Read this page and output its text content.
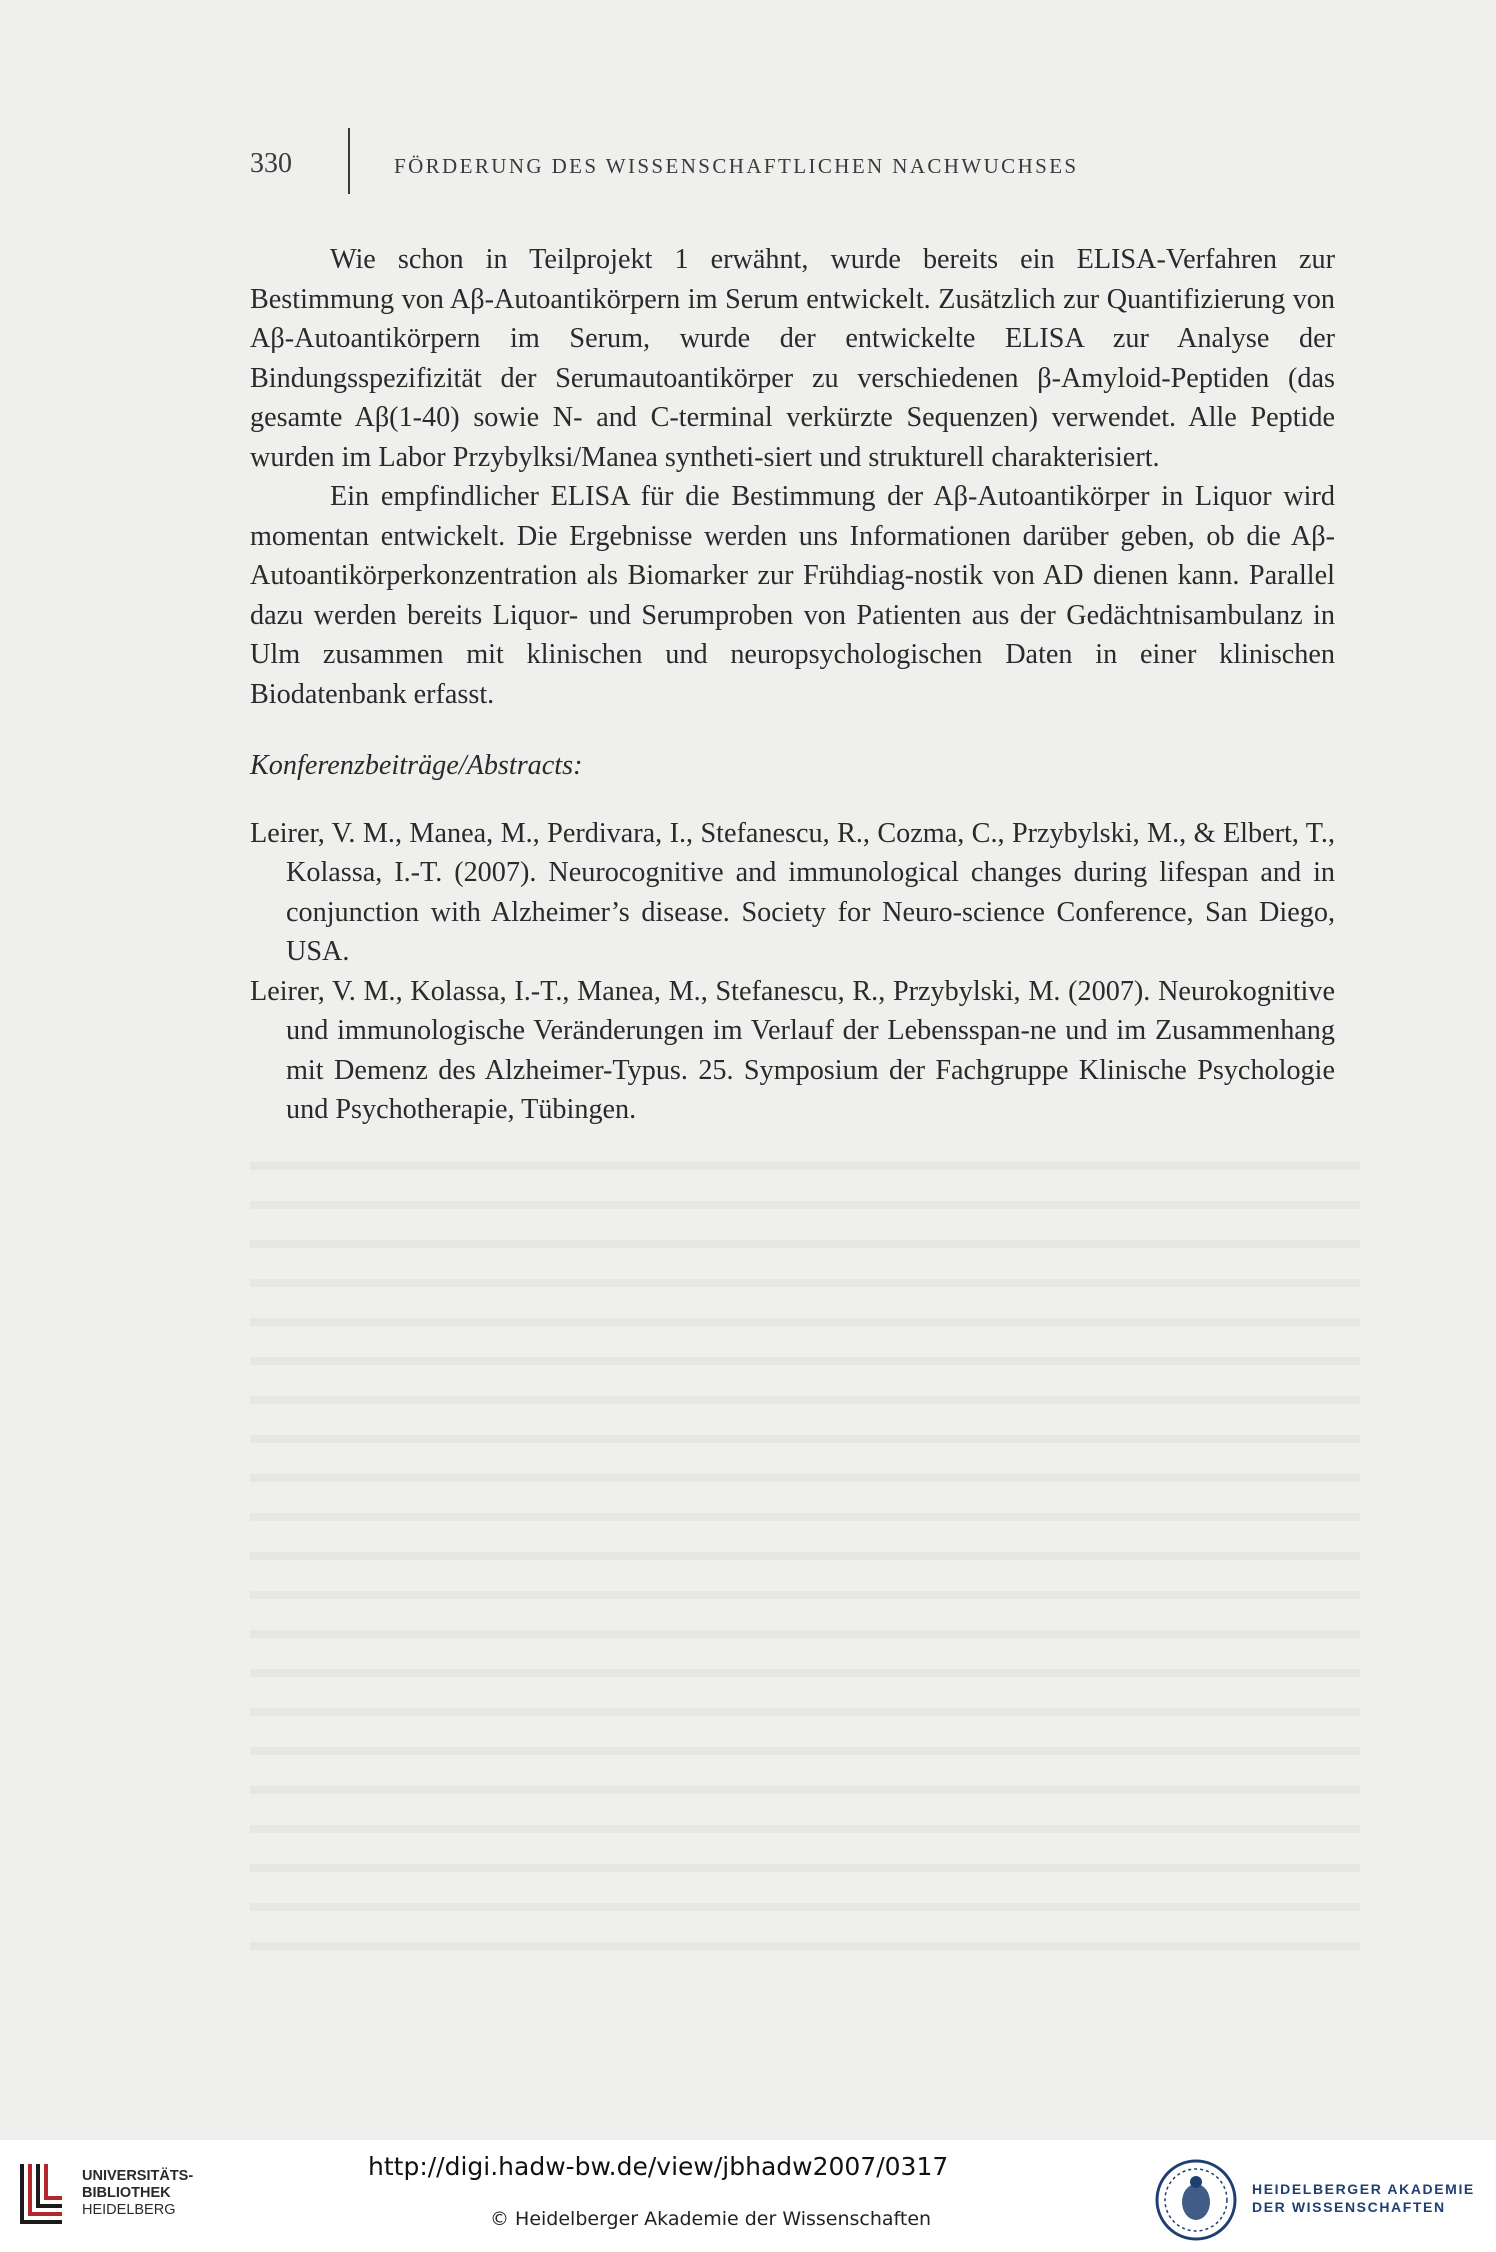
330	FÖRDERUNG DES WISSENSCHAFTLICHEN NACHWUCHSES

Wie schon in Teilprojekt 1 erwähnt, wurde bereits ein ELISA-Verfahren zur Bestimmung von Aβ-Autoantikörpern im Serum entwickelt. Zusätzlich zur Quantifizierung von Aβ-Autoantikörpern im Serum, wurde der entwickelte ELISA zur Analyse der Bindungsspezifizität der Serumautoantikörper zu verschiedenen β-Amyloid-Peptiden (das gesamte Aβ(1-40) sowie N- and C-terminal verkürzte Sequenzen) verwendet. Alle Peptide wurden im Labor Przybylksi/Manea syntheti-siert und strukturell charakterisiert.

Ein empfindlicher ELISA für die Bestimmung der Aβ-Autoantikörper in Liquor wird momentan entwickelt. Die Ergebnisse werden uns Informationen darüber geben, ob die Aβ-Autoantikörperkonzentration als Biomarker zur Frühdiag-nostik von AD dienen kann. Parallel dazu werden bereits Liquor- und Serumproben von Patienten aus der Gedächtnisambulanz in Ulm zusammen mit klinischen und neuropsychologischen Daten in einer klinischen Biodatenbank erfasst.

Konferenzbeiträge/Abstracts:

Leirer, V. M., Manea, M., Perdivara, I., Stefanescu, R., Cozma, C., Przybylski, M., & Elbert, T., Kolassa, I.-T. (2007). Neurocognitive and immunological changes during lifespan and in conjunction with Alzheimer’s disease. Society for Neuro-science Conference, San Diego, USA.

Leirer, V. M., Kolassa, I.-T., Manea, M., Stefanescu, R., Przybylski, M. (2007). Neurokognitive und immunologische Veränderungen im Verlauf der Lebensspan-ne und im Zusammenhang mit Demenz des Alzheimer-Typus. 25. Symposium der Fachgruppe Klinische Psychologie und Psychotherapie, Tübingen.

UNIVERSITÄTS-
BIBLIOTHEK
HEIDELBERG
http://digi.hadw-bw.de/view/jbhadw2007/0317
© Heidelberger Akademie der Wissenschaften
HEIDELBERGER AKADEMIE
DER WISSENSCHAFTEN
